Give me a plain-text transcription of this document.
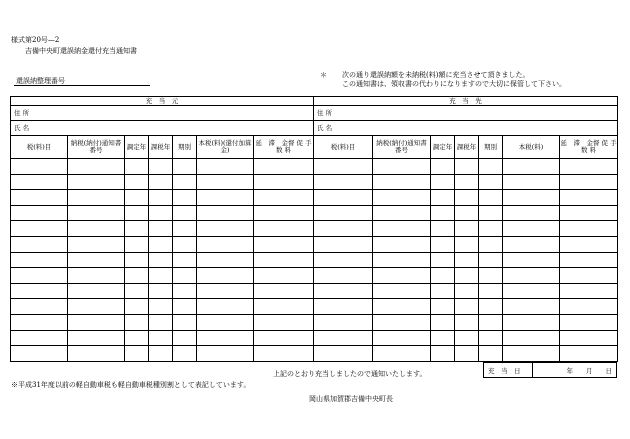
様式第20号—2
吉備中央町還誤納金還付充当通知書
還誤納整理番号
＊ 次の通り還誤納額を未納税(料)額に充当させて頂きました。
この通知書は、領収書の代わりになりますので大切に保管して下さい。
充　当　元							充　当　先						
住 所							住 所						
氏 名							氏 名						
税(料)目	納税(納付)通知書番号	調定年	課税年	期別	本税(料)(還付加算金)	延　滞　金督 促 手 数 料	税(料)目	納税(納付)通知書番号	調定年	課税年	期別	本税(料)	延　滞　金督 促 手 数 料

充　当　日	年　　月　　日
上記のとおり充当しましたので通知いたします。
※平成31年度以前の軽自動車税も軽自動車税種別割として表記しています。
岡山県加賀郡吉備中央町長
